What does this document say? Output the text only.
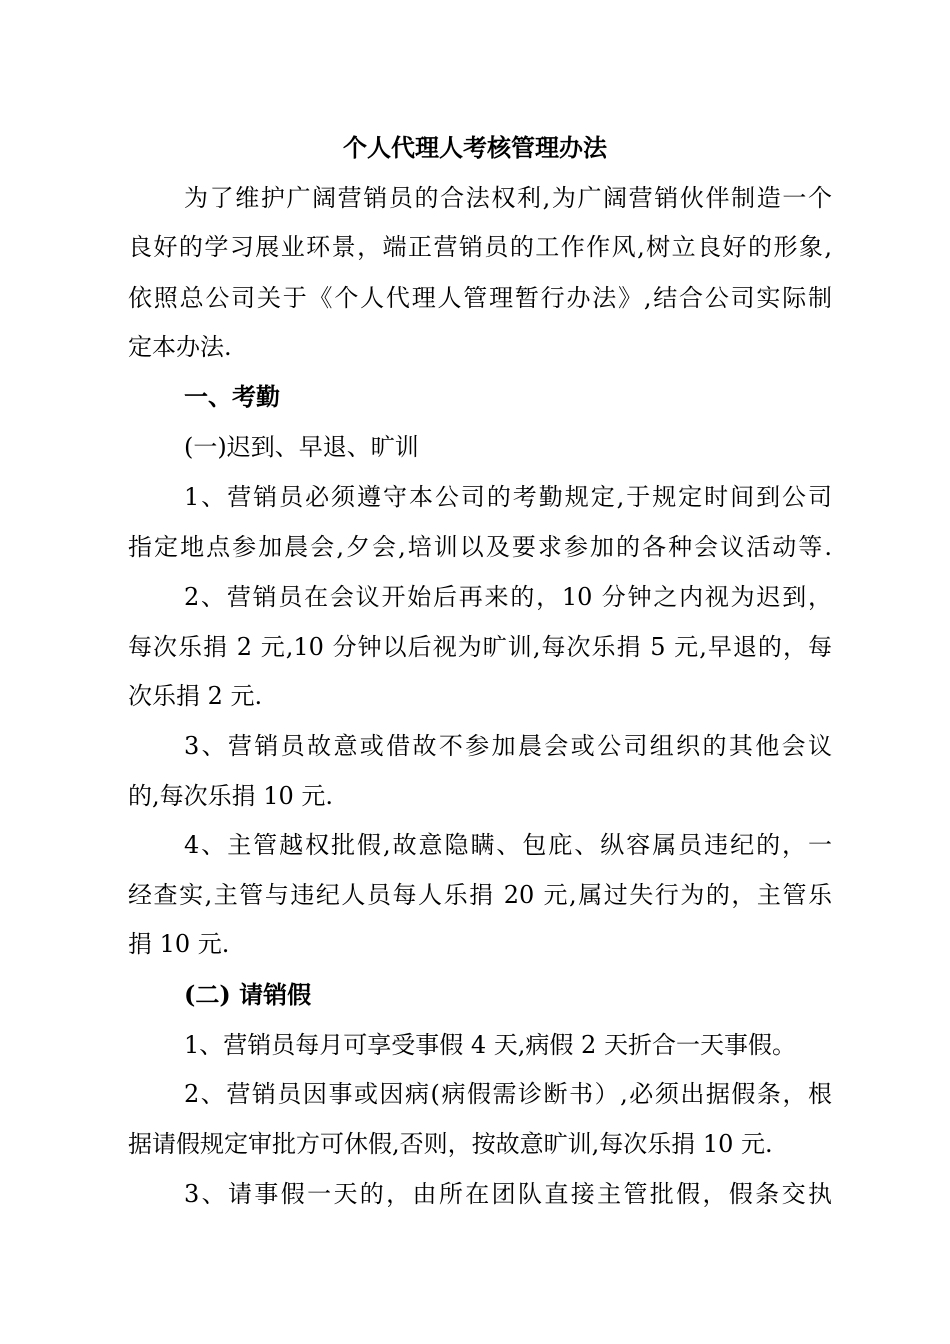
个人代理人考核管理办法

为了维护广阔营销员的合法权利,为广阔营销伙伴制造一个

良好的学习展业环景，端正营销员的工作作风,树立良好的形象,

依照总公司关于《个人代理人管理暂行办法》,结合公司实际制

定本办法.

一、考勤

(一)迟到、早退、旷训

1、营销员必须遵守本公司的考勤规定,于规定时间到公司

指定地点参加晨会,夕会,培训以及要求参加的各种会议活动等.

2、营销员在会议开始后再来的，10 分钟之内视为迟到，

每次乐捐 2 元,10 分钟以后视为旷训,每次乐捐 5 元,早退的，每

次乐捐 2 元.

3、营销员故意或借故不参加晨会或公司组织的其他会议

的,每次乐捐 10 元.

4、主管越权批假,故意隐瞒、包庇、纵容属员违纪的，一

经查实,主管与违纪人员每人乐捐 20 元,属过失行为的，主管乐

捐 10 元.

(二) 请销假

1、营销员每月可享受事假 4 天,病假 2 天折合一天事假。

2、营销员因事或因病(病假需诊断书）,必须出据假条，根

据请假规定审批方可休假,否则，按故意旷训,每次乐捐 10 元.

3、请事假一天的，由所在团队直接主管批假，假条交执
